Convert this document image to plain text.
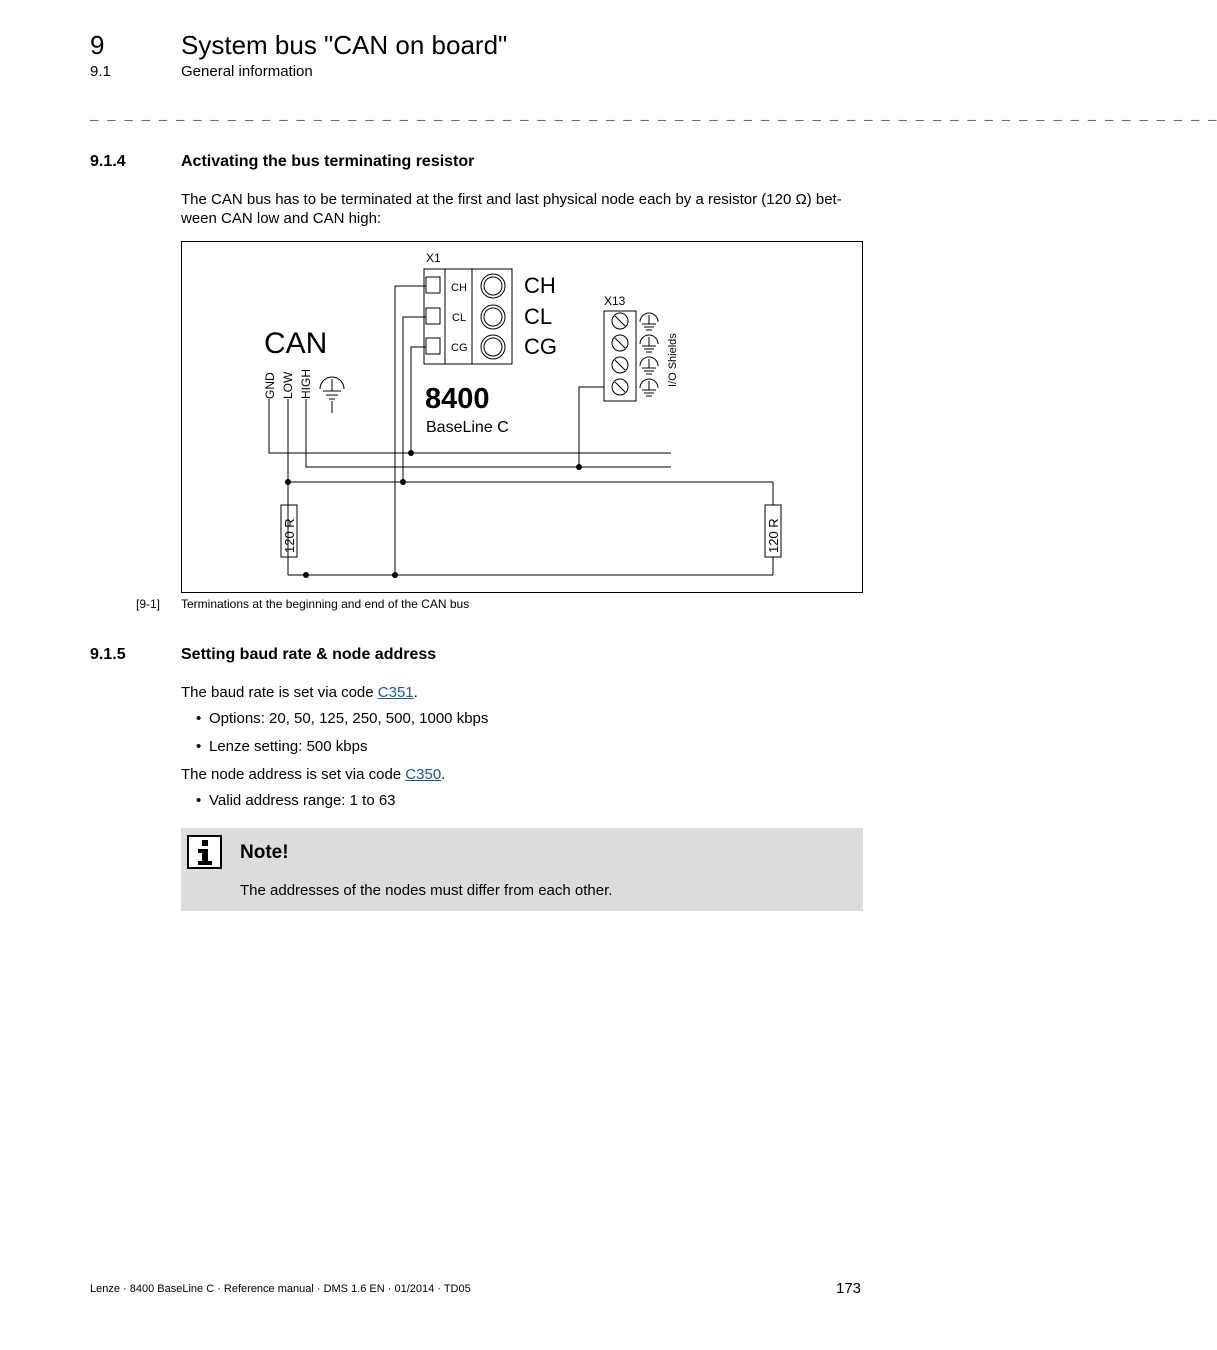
9	System bus "CAN on board"
9.1	General information
_ _ _ _ _ _ _ _ _ _ _ _ _ _ _ _ _ _ _ _ _ _ _ _ _ _ _ _ _ _ _ _ _ _ _ _ _ _ _ _ _ _ _ _ _ _ _ _ _ _ _ _ _ _ _ _ _ _ _ _ _ _ _ _ _ _
9.1.4	Activating the bus terminating resistor
The CAN bus has to be terminated at the first and last physical node each by a resistor (120 Ω) bet-
ween CAN low and CAN high:
X1
X13
CH
CL
CG
CH
CL
CG
CAN
GND LOW HIGH	8400
BaseLine C
I/O Shields
120 R	120 R
[9-1] Terminations at the beginning and end of the CAN bus
9.1.5	Setting baud rate & node address
The baud rate is set via code C351.
• Options: 20, 50, 125, 250, 500, 1000 kbps
• Lenze setting: 500 kbps
The node address is set via code C350.
• Valid address range: 1 to 63
Note!
The addresses of the nodes must differ from each other.
Lenze · 8400 BaseLine C · Reference manual · DMS 1.6 EN · 01/2014 · TD05	173
